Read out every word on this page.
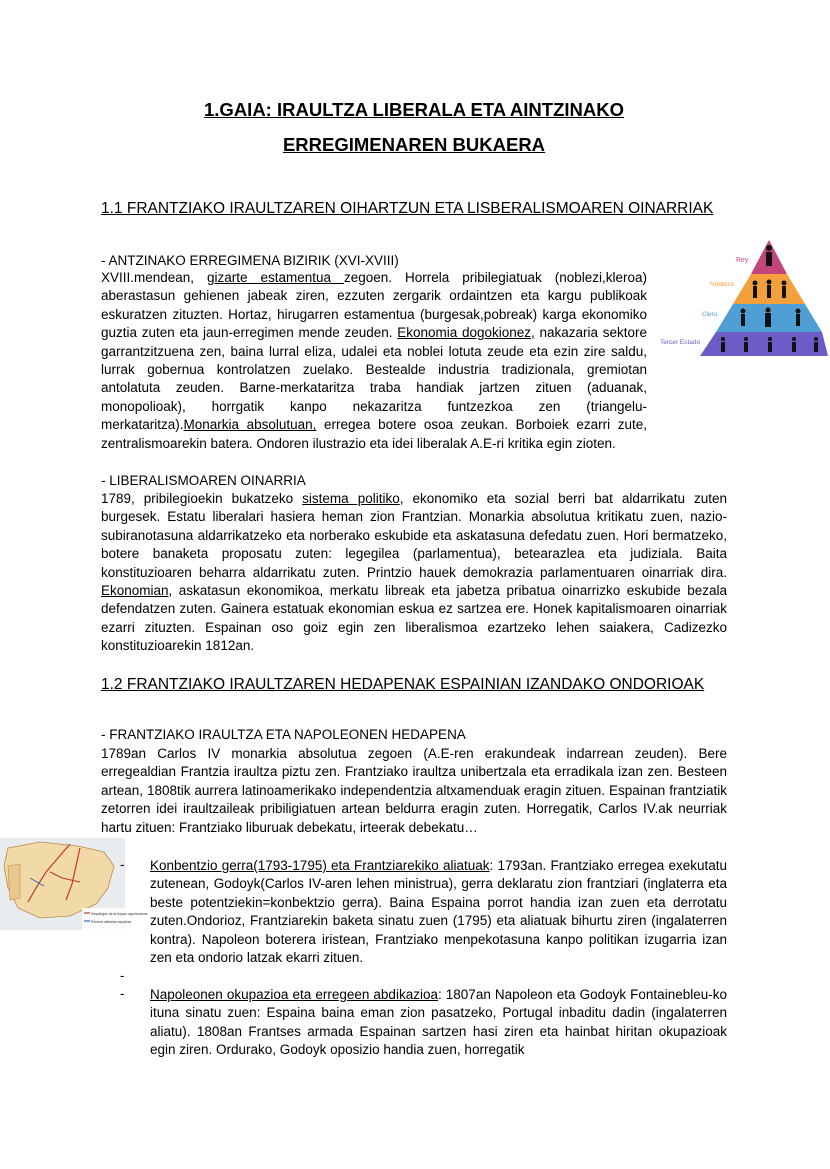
1.GAIA: IRAULTZA LIBERALA ETA AINTZINAKO
ERREGIMENAREN BUKAERA
1.1 FRANTZIAKO IRAULTZAREN OIHARTZUN ETA LISBERALISMOAREN OINARRIAK
- ANTZINAKO ERREGIMENA BIZIRIK (XVI-XVIII)
XVIII.mendean, gizarte estamentua zegoen. Horrela pribilegiatuak (noblezi,kleroa) aberastasun gehienen jabeak ziren, ezzuten zergarik ordaintzen eta kargu publikoak eskuratzen zituzten. Hortaz, hirugarren estamentua (burgesak,pobreak) karga ekonomiko guztia zuten eta jaun-erregimen mende zeuden. Ekonomia dogokionez, nakazaria sektore garrantzitzuena zen, baina lurral eliza, udalei eta noblei lotuta zeude eta ezin zire saldu, lurrak gobernua kontrolatzen zuelako. Bestealde industria tradizionala, gremiotan antolatuta zeuden. Barne-merkataritza traba handiak jartzen zituen (aduanak, monopolioak), horrgatik kanpo nekazaritza funtzezkoa zen (triangelu-merkataritza).Monarkia absolutuan, erregea botere osoa zeukan. Borboiek ezarri zute, zentralismoarekin batera. Ondoren ilustrazio eta idei liberalak A.E-ri kritika egin zioten.
Rey
Nobleza
Clero
Tercer Estado
- LIBERALISMOAREN OINARRIA
1789, pribilegioekin bukatzeko sistema politiko, ekonomiko eta sozial berri bat aldarrikatu zuten burgesek. Estatu liberalari hasiera heman zion Frantzian. Monarkia absolutua kritikatu zuen, nazio-subiranotasuna aldarrikatzeko eta norberako eskubide eta askatasuna defedatu zuen. Hori bermatzeko, botere banaketa proposatu zuten: legegilea (parlamentua), betearazlea eta judiziala. Baita konstituzioaren beharra aldarrikatu zuten. Printzio hauek demokrazia parlamentuaren oinarriak dira. Ekonomian, askatasun ekonomikoa, merkatu libreak eta jabetza pribatua oinarrizko eskubide bezala defendatzen zuten. Gainera estatuak ekonomian eskua ez sartzea ere. Honek kapitalismoaren oinarriak ezarri zituzten. Espainan oso goiz egin zen liberalismoa ezartzeko lehen saiakera, Cadizezko konstituzioarekin 1812an.
1.2 FRANTZIAKO IRAULTZAREN HEDAPENAK ESPAINIAN IZANDAKO ONDORIOAK
- FRANTZIAKO IRAULTZA ETA NAPOLEONEN HEDAPENA
1789an Carlos IV monarkia absolutua zegoen (A.E-ren erakundeak indarrean zeuden). Bere erregealdian Frantzia iraultza piztu zen. Frantziako iraultza unibertzala eta erradikala izan zen. Besteen artean, 1808tik aurrera latinoamerikako independentzia altxamenduak eragin zituen. Espainan frantziatik zetorren idei iraultzaileak pribiligiatuen artean beldurra eragin zuten. Horregatik, Carlos IV.ak neurriak hartu zituen: Frantziako liburuak debekatu, irteerak debekatu…
Despliegue de la tropas napoleonicas
Primera ofensiva española
- Konbentzio gerra(1793-1795) eta Frantziarekiko aliatuak: 1793an. Frantziako erregea exekutatu zutenean, Godoyk(Carlos IV-aren lehen ministrua), gerra deklaratu zion frantziari (inglaterra eta beste potentziekin=konbektzio gerra). Baina Espaina porrot handia izan zuen eta derrotatu zuten.Ondorioz, Frantziarekin baketa sinatu zuen (1795) eta aliatuak bihurtu ziren (ingalaterren kontra). Napoleon boterera iristean, Frantziako menpekotasuna kanpo politikan izugarria izan zen eta ondorio latzak ekarri zituen.
-
- Napoleonen okupazioa eta erregeen abdikazioa: 1807an Napoleon eta Godoyk Fontainebleu-ko ituna sinatu zuen: Espaina baina eman zion pasatzeko, Portugal inbaditu dadin (ingalaterren aliatu). 1808an Frantses armada Espainan sartzen hasi ziren eta hainbat hiritan okupazioak egin ziren. Ordurako, Godoyk oposizio handia zuen, horregatik
